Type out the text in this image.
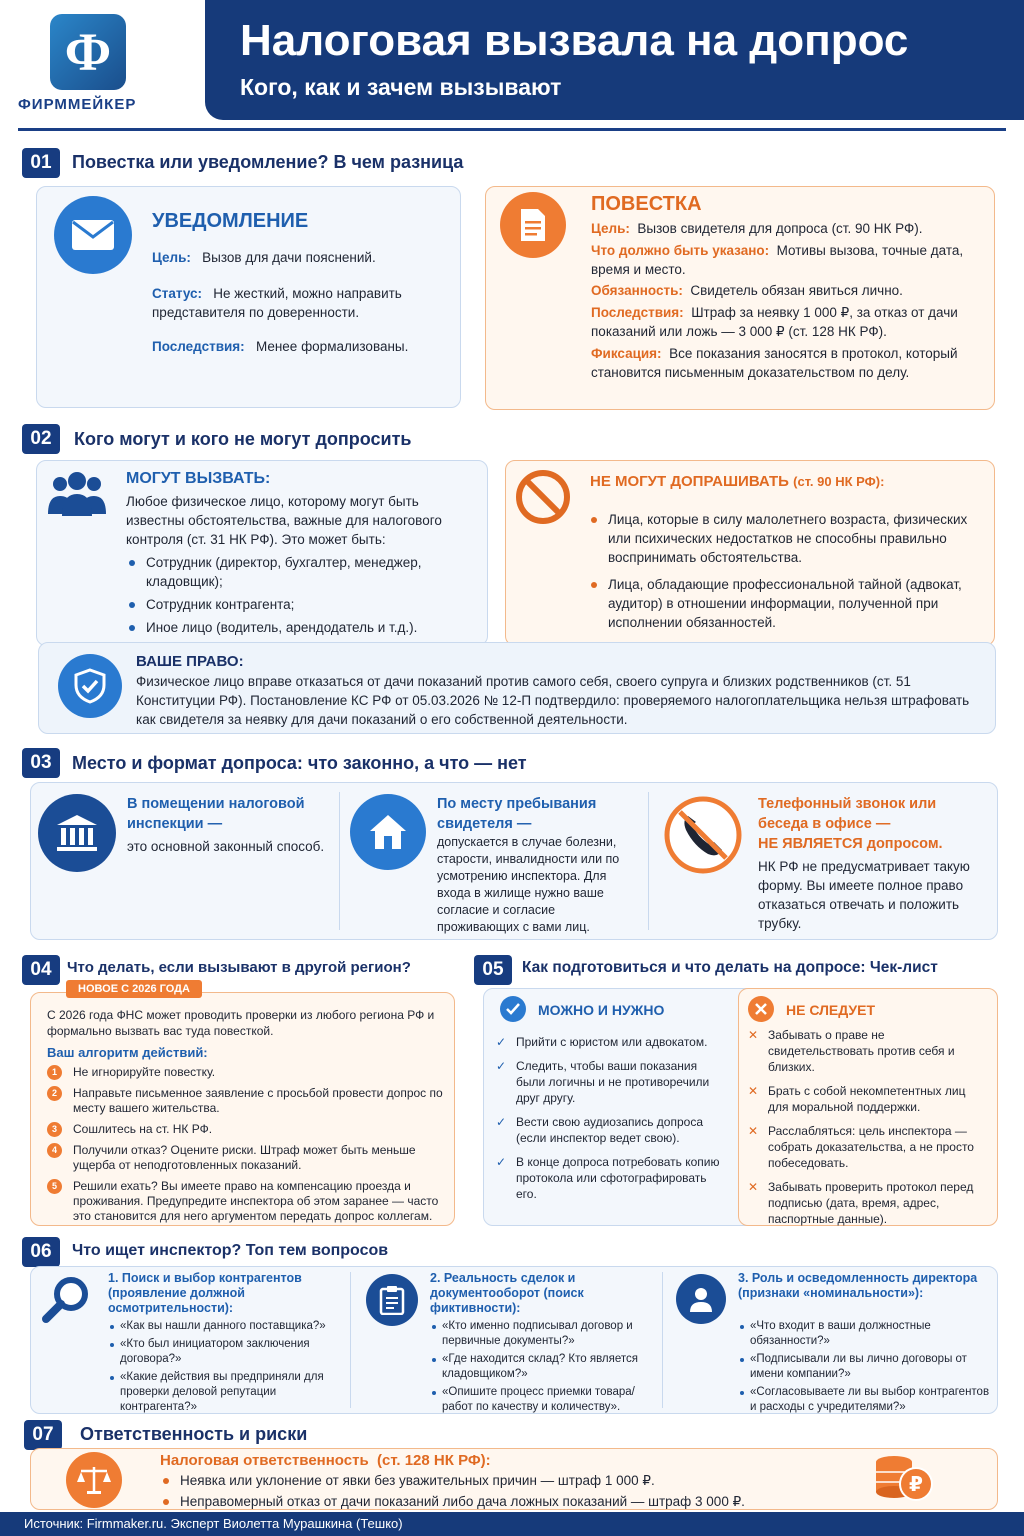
Ф
ФИРММЕЙКЕР
Налоговая вызвала на допрос
Кого, как и зачем вызывают
01	Повестка или уведомление? В чем разница
УВЕДОМЛЕНИЕ
Цель: Вызов для дачи пояснений.
Статус: Не жесткий, можно направить представителя по доверенности.
Последствия: Менее формализованы.
ПОВЕСТКА
Цель: Вызов свидетеля для допроса (ст. 90 НК РФ).
Что должно быть указано: Мотивы вызова, точные дата, время и место.
Обязанность: Свидетель обязан явиться лично.
Последствия: Штраф за неявку 1 000 ₽, за отказ от дачи показаний или ложь — 3 000 ₽ (ст. 128 НК РФ).
Фиксация: Все показания заносятся в протокол, который становится письменным доказательством по делу.
02	Кого могут и кого не могут допросить
МОГУТ ВЫЗВАТЬ:
Любое физическое лицо, которому могут быть известны обстоятельства, важные для налогового контроля (ст. 31 НК РФ). Это может быть:
Сотрудник (директор, бухгалтер, менеджер, кладовщик);
Сотрудник контрагента;
Иное лицо (водитель, арендодатель и т.д.).
НЕ МОГУТ ДОПРАШИВАТЬ (ст. 90 НК РФ):
Лица, которые в силу малолетнего возраста, физических или психических недостатков не способны правильно воспринимать обстоятельства.
Лица, обладающие профессиональной тайной (адвокат, аудитор) в отношении информации, полученной при исполнении обязанностей.
ВАШЕ ПРАВО:
Физическое лицо вправе отказаться от дачи показаний против самого себя, своего супруга и близких родственников (ст. 51 Конституции РФ). Постановление КС РФ от 05.03.2026 № 12-П подтвердило: проверяемого налогоплательщика нельзя штрафовать как свидетеля за неявку для дачи показаний о его собственной деятельности.
03	Место и формат допроса: что законно, а что — нет
В помещении налоговой инспекции —
это основной законный способ.
По месту пребывания свидетеля —
допускается в случае болезни, старости, инвалидности или по усмотрению инспектора. Для входа в жилище нужно ваше согласие и согласие проживающих с вами лиц.
Телефонный звонок или беседа в офисе —
НЕ ЯВЛЯЕТСЯ допросом.
НК РФ не предусматривает такую форму. Вы имеете полное право отказаться отвечать и положить трубку.
04	Что делать, если вызывают в другой регион?
НОВОЕ С 2026 ГОДА
С 2026 года ФНС может проводить проверки из любого региона РФ и формально вызвать вас туда повесткой.
Ваш алгоритм действий:
1	Не игнорируйте повестку.
2	Направьте письменное заявление с просьбой провести допрос по месту вашего жительства.
3	Сошлитесь на ст. НК РФ.
4	Получили отказ? Оцените риски. Штраф может быть меньше ущерба от неподготовленных показаний.
5	Решили ехать? Вы имеете право на компенсацию проезда и проживания. Предупредите инспектора об этом заранее — часто это становится для него аргументом передать допрос коллегам.
05	Как подготовиться и что делать на допросе: Чек-лист
МОЖНО И НУЖНО
✓ Прийти с юристом или адвокатом.
✓ Следить, чтобы ваши показания были логичны и не противоречили друг другу.
✓ Вести свою аудиозапись допроса (если инспектор ведет свою).
✓ В конце допроса потребовать копию протокола или сфотографировать его.
НЕ СЛЕДУЕТ
✕ Забывать о праве не свидетельствовать против себя и близких.
✕ Брать с собой некомпетентных лиц для моральной поддержки.
✕ Расслабляться: цель инспектора — собрать доказательства, а не просто побеседовать.
✕ Забывать проверить протокол перед подписью (дата, время, адрес, паспортные данные).
06	Что ищет инспектор? Топ тем вопросов
1. Поиск и выбор контрагентов (проявление должной осмотрительности):
«Как вы нашли данного поставщика?»
«Кто был инициатором заключения договора?»
«Какие действия вы предприняли для проверки деловой репутации контрагента?»
2. Реальность сделок и документооборот (поиск фиктивности):
«Кто именно подписывал договор и первичные документы?»
«Где находится склад? Кто является кладовщиком?»
«Опишите процесс приемки товара/работ по качеству и количеству».
3. Роль и осведомленность директора (признаки «номинальности»):
«Что входит в ваши должностные обязанности?»
«Подписывали ли вы лично договоры от имени компании?»
«Согласовываете ли вы выбор контрагентов и расходы с учредителями?»
07	Ответственность и риски
Налоговая ответственность (ст. 128 НК РФ):
Неявка или уклонение от явки без уважительных причин — штраф 1 000 ₽.
Неправомерный отказ от дачи показаний либо дача ложных показаний — штраф 3 000 ₽.
₽
Источник: Firmmaker.ru. Эксперт Виолетта Мурашкина (Тешко)
